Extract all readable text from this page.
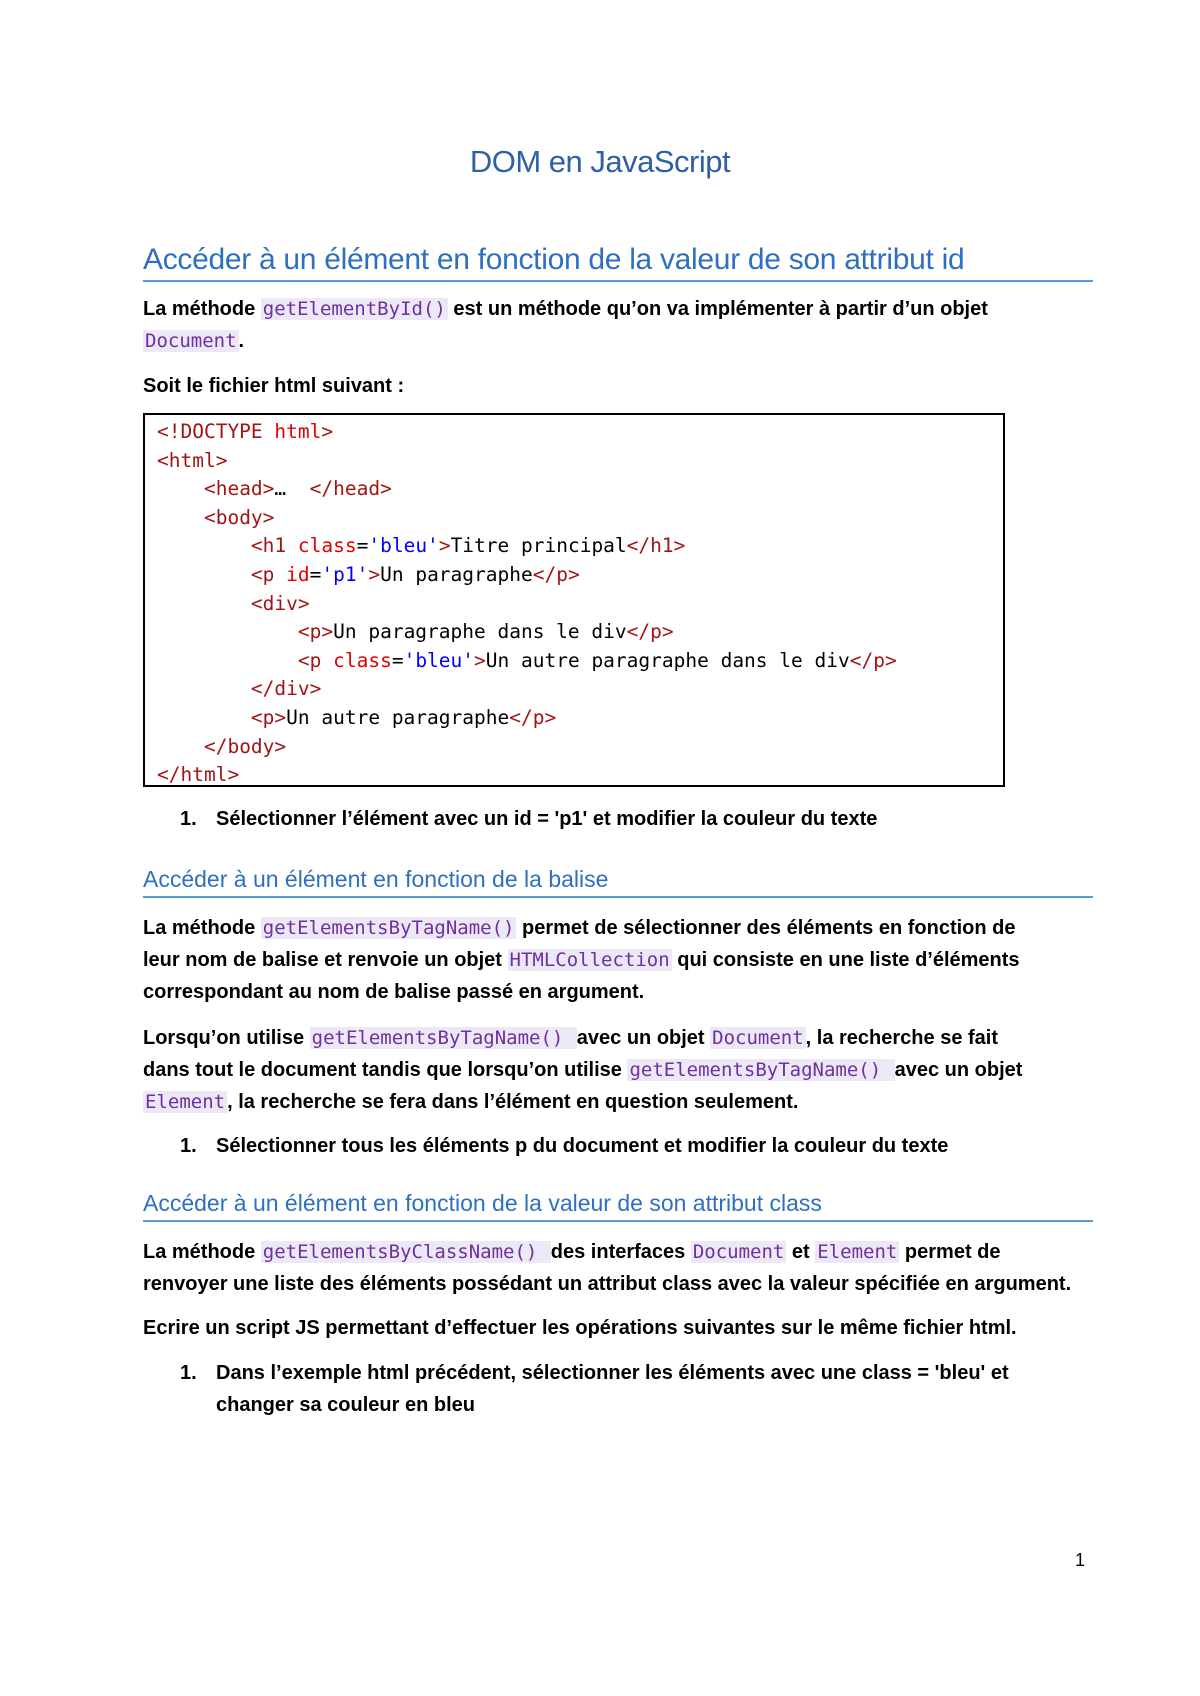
DOM en JavaScript
Accéder à un élément en fonction de la valeur de son attribut id

La méthode getElementById() est un méthode qu’on va implémenter à partir d’un objet
Document .

Soit le fichier html suivant :

<!DOCTYPE html>
<html>
<head>…  </head>
<body>
<h1 class='bleu'>Titre principal</h1>
<p id='p1'>Un paragraphe</p>
<div>
<p>Un paragraphe dans le div</p>
<p class='bleu'>Un autre paragraphe dans le div</p>
</div>
<p>Un autre paragraphe</p>
</body>
</html>
1. Sélectionner l’élément avec un id = 'p1' et modifier la couleur du texte
Accéder à un élément en fonction de la balise

La méthode getElementsByTagName() permet de sélectionner des éléments en fonction de
leur nom de balise et renvoie un objet HTMLCollection qui consiste en une liste d’éléments
correspondant au nom de balise passé en argument.

Lorsqu’on utilise getElementsByTagName() avec un objet Document , la recherche se fait
dans tout le document tandis que lorsqu’on utilise getElementsByTagName() avec un objet
Element , la recherche se fera dans l’élément en question seulement.

1. Sélectionner tous les éléments p du document et modifier la couleur du texte
Accéder à un élément en fonction de la valeur de son attribut class

La méthode getElementsByClassName() des interfaces Document et Element permet de
renvoyer une liste des éléments possédant un attribut class avec la valeur spécifiée en argument.

Ecrire un script JS permettant d’effectuer les opérations suivantes sur le même fichier html.

1. Dans l’exemple html précédent, sélectionner les éléments avec une class = 'bleu' et
changer sa couleur en bleu
1
